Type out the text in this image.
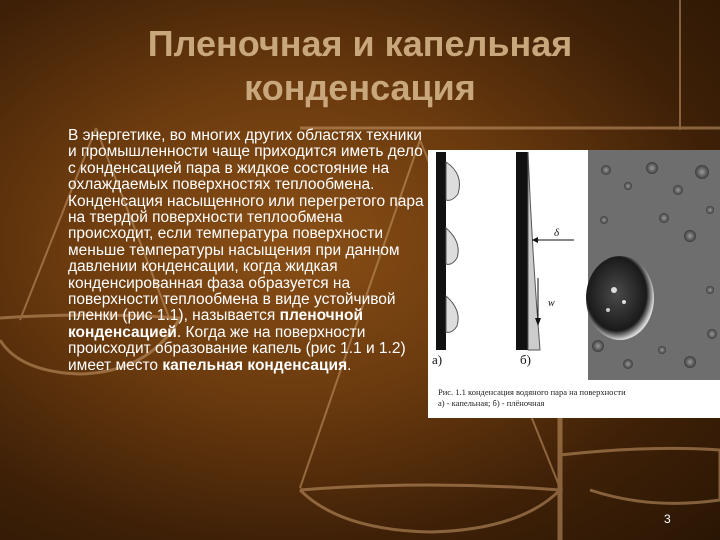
Пленочная и капельная
конденсация

В энергетике, во многих других областях техники и промышленности чаще приходится иметь дело с конденсацией пара в жидкое состояние на охлаждаемых поверхностях теплообмена. Конденсация насыщенного или перегретого пара на твердой поверхности теплообмена происходит, если температура поверхности меньше температуры насыщения при данном давлении конденсации, когда жидкая конденсированная фаза образуется на поверхности теплообмена в виде устойчивой пленки (рис 1.1), называется пленочной конденсацией. Когда же на поверхности происходит образование капель (рис 1.1 и 1.2) имеет место капельная конденсация.	а)
δ
w
б)
Рис. 1.1 конденсация водяного пара на поверхности
а) - капельная; б) - плёночная
3
